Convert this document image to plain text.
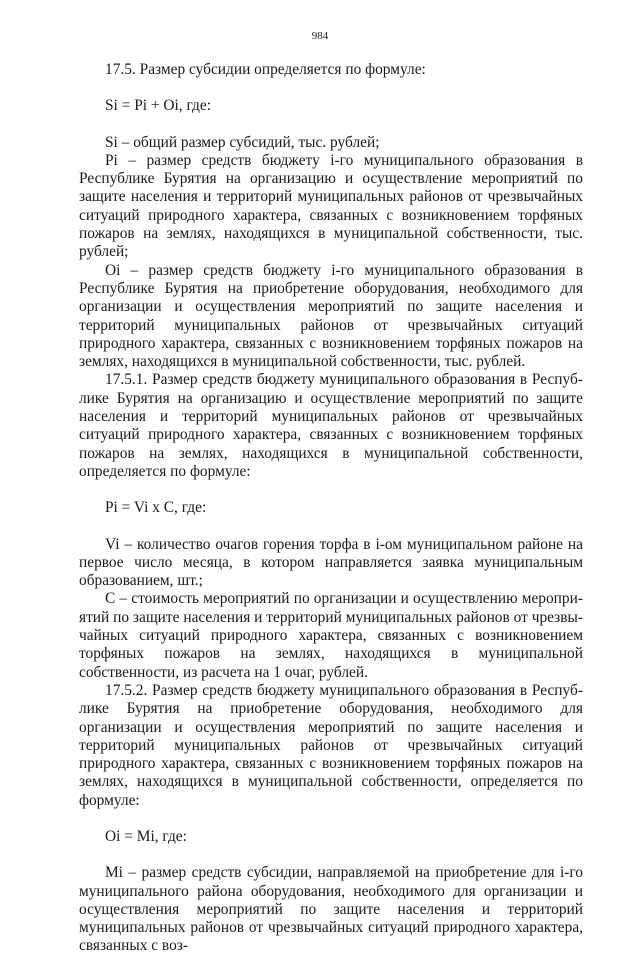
984

17.5. Размер субсидии определяется по формуле:

Si = Pi + Oi, где:

Si – общий размер субсидий, тыс. рублей;

Pi – размер средств бюджету i-го муниципального образования в Республике Бурятия на организацию и осуществление мероприятий по защите населения и территорий муниципальных районов от чрезвычайных ситуаций природного характера, связанных с возникновением торфяных пожаров на землях, находящихся в муниципальной собственности, тыс. рублей;

Oi – размер средств бюджету i-го муниципального образования в Республике Бурятия на приобретение оборудования, необходимого для организации и осуществления мероприятий по защите населения и территорий муниципальных районов от чрезвычайных ситуаций природного характера, связанных с возникновением торфяных пожаров на землях, находящихся в муниципальной собственности, тыс. рублей.

17.5.1. Размер средств бюджету муниципального образования в Республике Бурятия на организацию и осуществление мероприятий по защите населения и территорий муниципальных районов от чрезвычайных ситуаций природного характера, связанных с возникновением торфяных пожаров на землях, находящихся в муниципальной собственности, определяется по формуле:

Pi = Vi x C, где:

Vi – количество очагов горения торфа в i-ом муниципальном районе на первое число месяца, в котором направляется заявка муниципальным образованием, шт.;

C – стоимость мероприятий по организации и осуществлению мероприятий по защите населения и территорий муниципальных районов от чрезвычайных ситуаций природного характера, связанных с возникновением торфяных пожаров на землях, находящихся в муниципальной собственности, из расчета на 1 очаг, рублей.

17.5.2. Размер средств бюджету муниципального образования в Республике Бурятия на приобретение оборудования, необходимого для организации и осуществления мероприятий по защите населения и территорий муниципальных районов от чрезвычайных ситуаций природного характера, связанных с возникновением торфяных пожаров на землях, находящихся в муниципальной собственности, определяется по формуле:

Oi = Mi, где:

Mi – размер средств субсидии, направляемой на приобретение для i-го муниципального района оборудования, необходимого для организации и осуществления мероприятий по защите населения и территорий муниципальных районов от чрезвычайных ситуаций природного характера, связанных с воз-
